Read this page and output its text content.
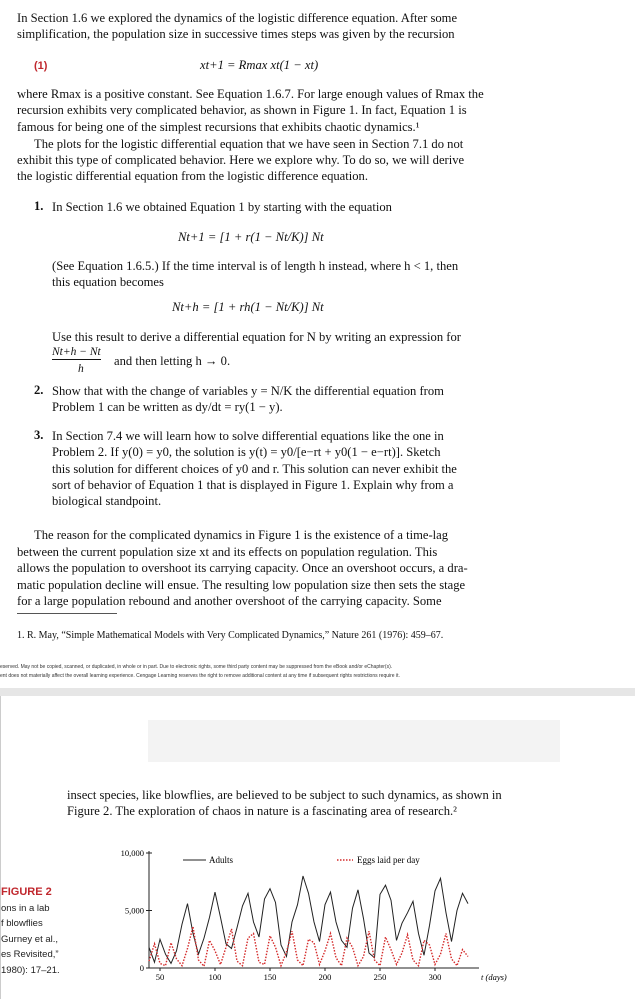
In Section 1.6 we explored the dynamics of the logistic difference equation. After some
simplification, the population size in successive times steps was given by the recursion
(1)	xt+1 = Rmax xt(1 − xt)
where Rmax is a positive constant. See Equation 1.6.7. For large enough values of Rmax the
recursion exhibits very complicated behavior, as shown in Figure 1. In fact, Equation 1 is
famous for being one of the simplest recursions that exhibits chaotic dynamics.¹
The plots for the logistic differential equation that we have seen in Section 7.1 do not
exhibit this type of complicated behavior. Here we explore why. To do so, we will derive
the logistic differential equation from the logistic difference equation.
1. In Section 1.6 we obtained Equation 1 by starting with the equation
Nt+1 = [1 + r(1 − Nt/K)] Nt
(See Equation 1.6.5.) If the time interval is of length h instead, where h < 1, then
this equation becomes
Nt+h = [1 + rh(1 − Nt/K)] Nt
Use this result to derive a differential equation for N by writing an expression for
Nt+h − Nt
h
and then letting h → 0.
2. Show that with the change of variables y = N/K the differential equation from
Problem 1 can be written as dy/dt = ry(1 − y).
3. In Section 7.4 we will learn how to solve differential equations like the one in
Problem 2. If y(0) = y0, the solution is y(t) = y0/[e−rt + y0(1 − e−rt)]. Sketch
this solution for different choices of y0 and r. This solution can never exhibit the
sort of behavior of Equation 1 that is displayed in Figure 1. Explain why from a
biological standpoint.
The reason for the complicated dynamics in Figure 1 is the existence of a time-lag
between the current population size xt and its effects on population regulation. This
allows the population to overshoot its carrying capacity. Once an overshoot occurs, a dra-
matic population decline will ensue. The resulting low population size then sets the stage
for a large population rebound and another overshoot of the carrying capacity. Some
1. R. May, “Simple Mathematical Models with Very Complicated Dynamics,” Nature 261 (1976): 459–67.
eserved. May not be copied, scanned, or duplicated, in whole or in part. Due to electronic rights, some third party content may be suppressed from the eBook and/or eChapter(s).
ent does not materially affect the overall learning experience. Cengage Learning reserves the right to remove additional content at any time if subsequent rights restrictions require it.
insect species, like blowflies, are believed to be subject to such dynamics, as shown in
Figure 2. The exploration of chaos in nature is a fascinating area of research.²
FIGURE 2
ons in a lab
f blowflies
Gurney et al.,
es Revisited,”
1980): 17–21.	0
5,000
10,000
50	100	150	200	250	300	t (days)
Adults	Eggs laid per day
